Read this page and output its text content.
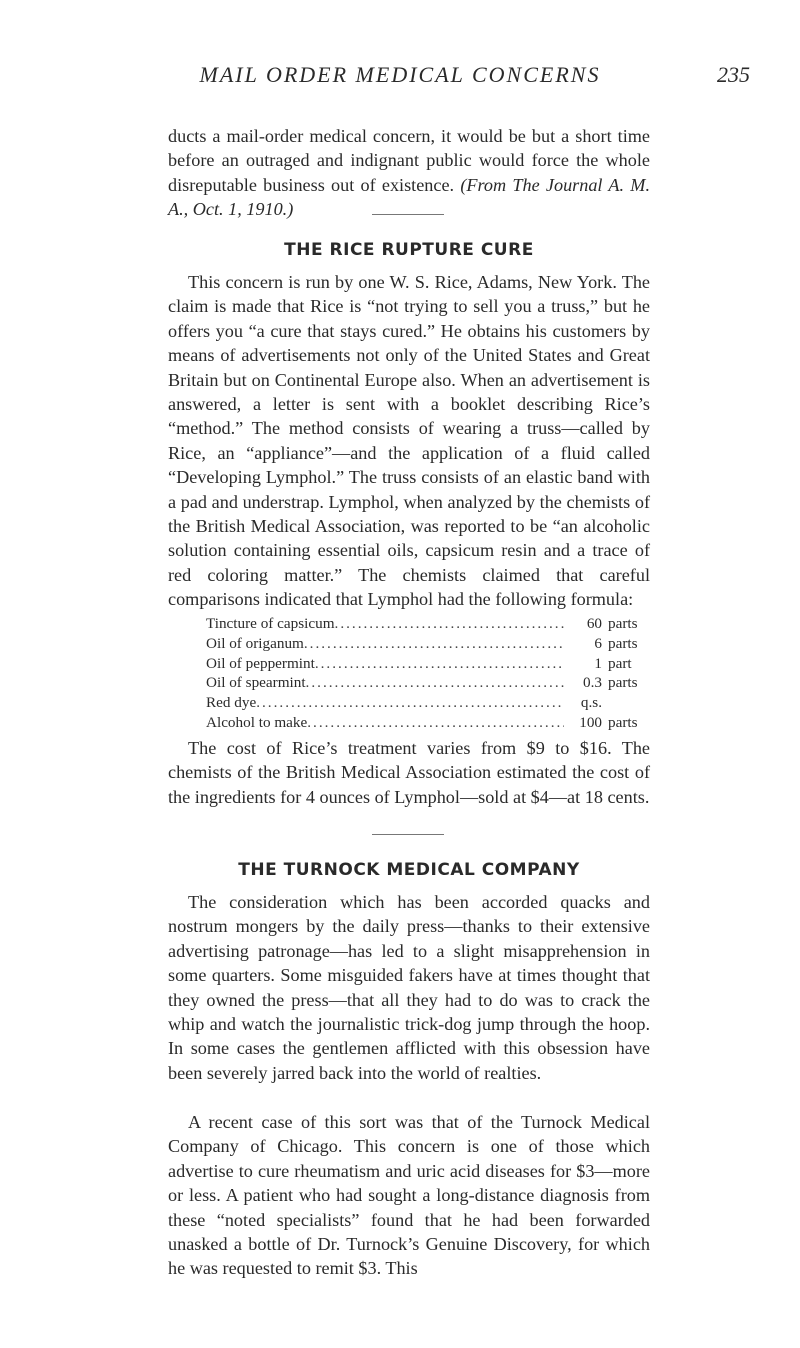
MAIL ORDER MEDICAL CONCERNS	235

ducts a mail-order medical concern, it would be but a short time before an outraged and indignant public would force the whole disreputable business out of existence. (From The Journal A. M. A., Oct. 1, 1910.)

THE RICE RUPTURE CURE

This concern is run by one W. S. Rice, Adams, New York. The claim is made that Rice is “not trying to sell you a truss,” but he offers you “a cure that stays cured.” He obtains his customers by means of advertisements not only of the United States and Great Britain but on Continental Europe also. When an advertisement is answered, a letter is sent with a booklet describing Rice’s “method.” The method consists of wearing a truss—called by Rice, an “appliance”—and the application of a fluid called “Developing Lymphol.” The truss consists of an elastic band with a pad and understrap. Lymphol, when analyzed by the chemists of the British Medical Association, was reported to be “an alcoholic solution containing essential oils, capsicum resin and a trace of red coloring matter.” The chemists claimed that careful comparisons indicated that Lymphol had the following formula:

Tincture of capsicum .....	60 parts
Oil of origanum .....	6 parts
Oil of peppermint .....	1 part
Oil of spearmint .....	0.3 parts
Red dye .....	q.s.
Alcohol to make .....	100 parts

The cost of Rice’s treatment varies from $9 to $16. The chemists of the British Medical Association estimated the cost of the ingredients for 4 ounces of Lymphol—sold at $4—at 18 cents.

THE TURNOCK MEDICAL COMPANY

The consideration which has been accorded quacks and nostrum mongers by the daily press—thanks to their extensive advertising patronage—has led to a slight misapprehension in some quarters. Some misguided fakers have at times thought that they owned the press—that all they had to do was to crack the whip and watch the journalistic trick-dog jump through the hoop. In some cases the gentlemen afflicted with this obsession have been severely jarred back into the world of realties.

A recent case of this sort was that of the Turnock Medical Company of Chicago. This concern is one of those which advertise to cure rheumatism and uric acid diseases for $3—more or less. A patient who had sought a long-distance diagnosis from these “noted specialists” found that he had been forwarded unasked a bottle of Dr. Turnock’s Genuine Discovery, for which he was requested to remit $3. This
